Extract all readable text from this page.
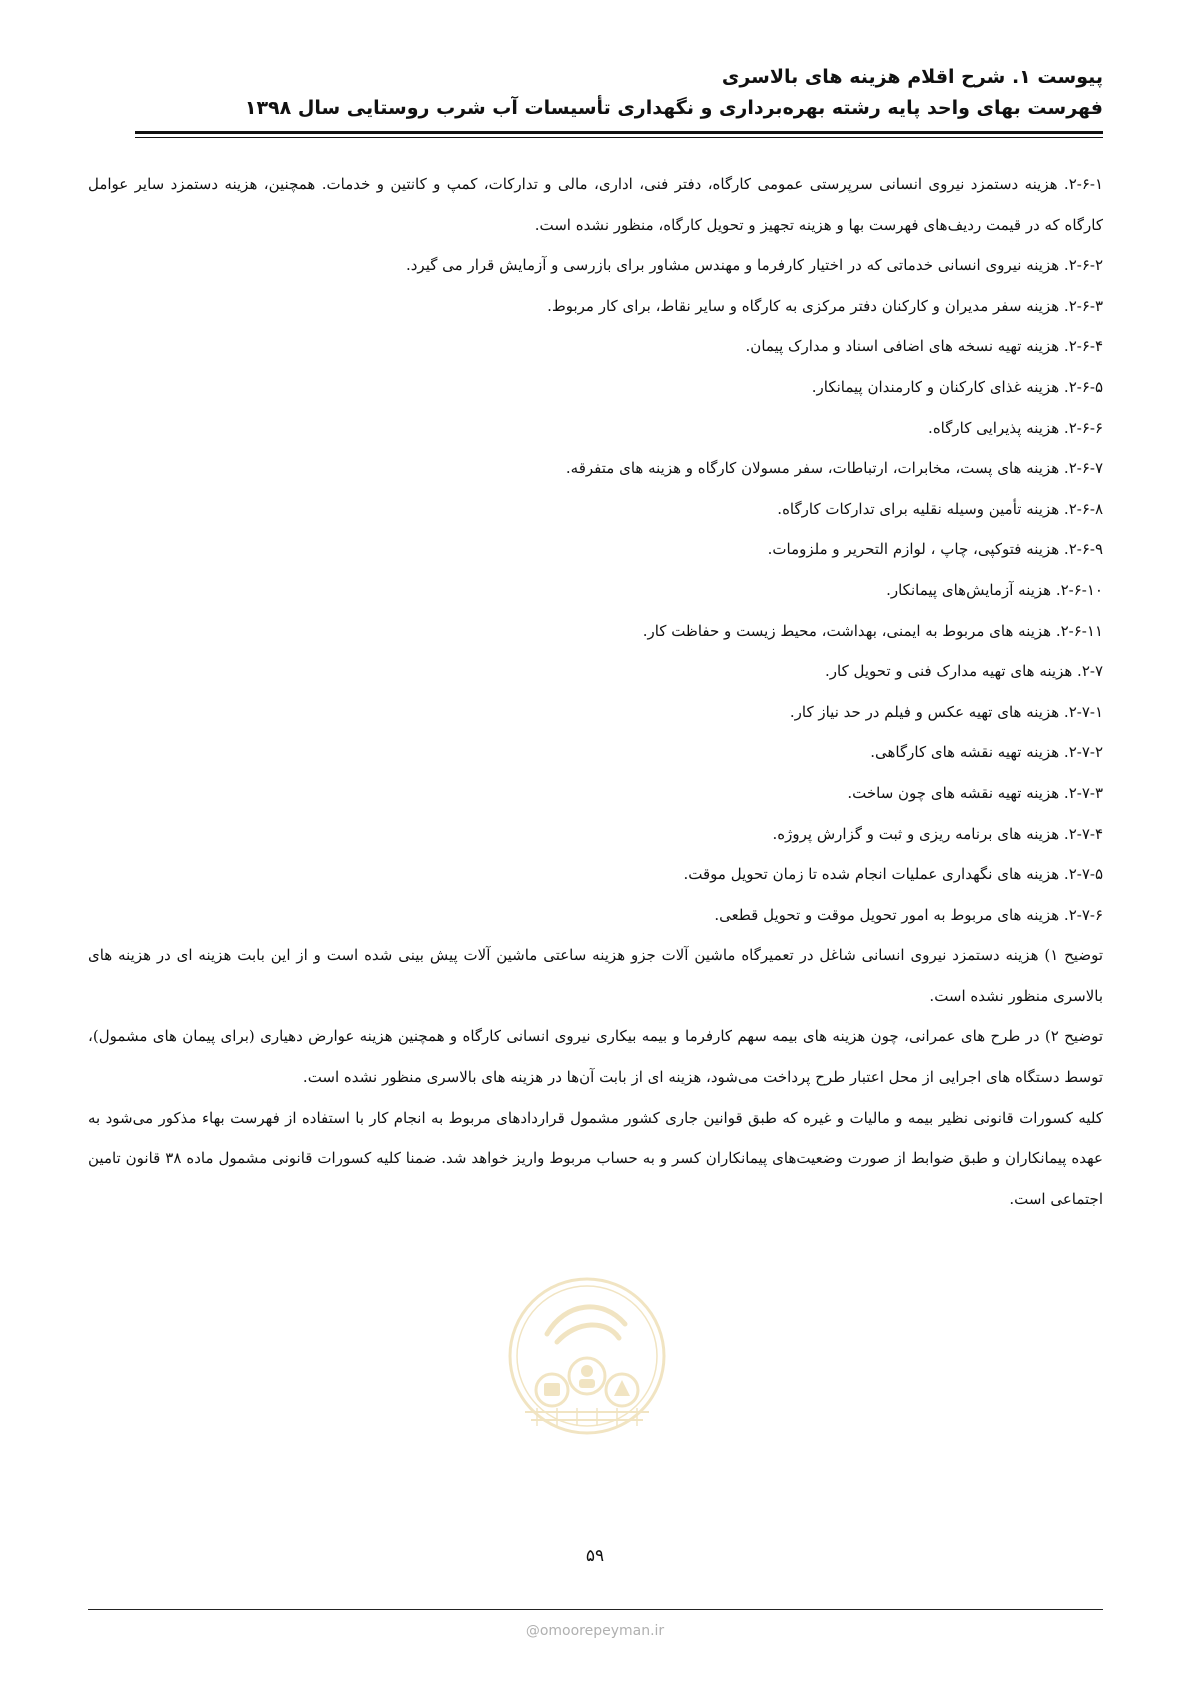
پیوست ۱. شرح اقلام هزینه های بالاسری
فهرست بهای واحد پایه رشته بهره‌برداری و نگهداری تأسیسات آب شرب روستایی سال ۱۳۹۸

۲-۶-۱. هزینه دستمزد نیروی انسانی سرپرستی عمومی کارگاه، دفتر فنی، اداری، مالی و تدارکات، کمپ و کانتین و خدمات. همچنین، هزینه دستمزد سایر عوامل کارگاه که در قیمت ردیف‌های فهرست بها و هزینه تجهیز و تحویل کارگاه، منظور نشده است.

۲-۶-۲. هزینه نیروی انسانی خدماتی که در اختیار کارفرما و مهندس مشاور برای بازرسی و آزمایش قرار می گیرد.

۲-۶-۳. هزینه سفر مدیران و کارکنان دفتر مرکزی به کارگاه و سایر نقاط، برای کار مربوط.

۲-۶-۴. هزینه تهیه نسخه های اضافی اسناد و مدارک پیمان.

۲-۶-۵. هزینه غذای کارکنان و کارمندان پیمانکار.

۲-۶-۶. هزینه پذیرایی کارگاه.

۲-۶-۷. هزینه های پست، مخابرات، ارتباطات، سفر مسولان کارگاه و هزینه های متفرقه.

۲-۶-۸. هزینه تأمین وسیله نقلیه برای تدارکات کارگاه.

۲-۶-۹. هزینه فتوکپی، چاپ ، لوازم التحریر و ملزومات.

۲-۶-۱۰. هزینه آزمایش‌های پیمانکار.

۲-۶-۱۱. هزینه های مربوط به ایمنی، بهداشت، محیط زیست و حفاظت کار.

۲-۷. هزینه های تهیه مدارک فنی و تحویل کار.

۲-۷-۱. هزینه های تهیه عکس و فیلم در حد نیاز کار.

۲-۷-۲. هزینه تهیه نقشه های کارگاهی.

۲-۷-۳. هزینه تهیه نقشه های چون ساخت.

۲-۷-۴. هزینه های برنامه ریزی و ثبت و گزارش پروژه.

۲-۷-۵. هزینه های نگهداری عملیات انجام شده تا زمان تحویل موقت.

۲-۷-۶. هزینه های مربوط به امور تحویل موقت و تحویل قطعی.

توضیح ۱) هزینه دستمزد نیروی انسانی شاغل در تعمیرگاه ماشین آلات جزو هزینه ساعتی ماشین آلات پیش بینی شده است و از این بابت هزینه ای در هزینه های بالاسری منظور نشده است.

توضیح ۲) در طرح های عمرانی، چون هزینه های بیمه سهم کارفرما و بیمه بیکاری نیروی انسانی کارگاه و همچنین هزینه عوارض دهیاری (برای پیمان های مشمول)، توسط دستگاه های اجرایی از محل اعتبار طرح پرداخت می‌شود، هزینه ای از بابت آن‌ها در هزینه های بالاسری منظور نشده است.

کلیه کسورات قانونی نظیر بیمه و مالیات و غیره که طبق قوانین جاری کشور مشمول قراردادهای مربوط به انجام کار با استفاده از فهرست بهاء مذکور می‌شود به عهده پیمانکاران و طبق ضوابط از صورت وضعیت‌های پیمانکاران کسر و به حساب مربوط واریز خواهد شد. ضمنا کلیه کسورات قانونی مشمول ماده ۳۸ قانون تامین اجتماعی است.

۵۹
@omoorepeyman.ir
